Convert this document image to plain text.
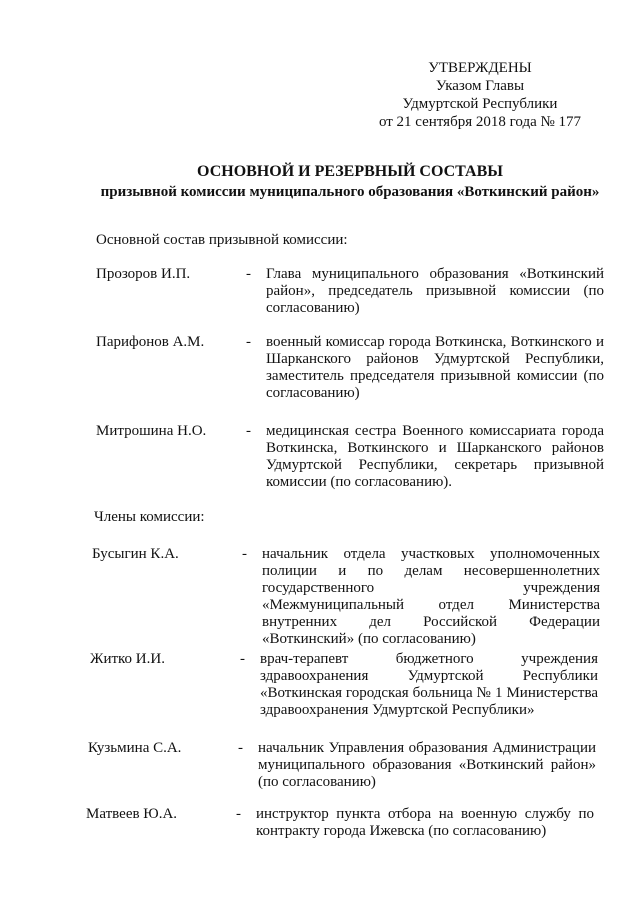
УТВЕРЖДЕНЫ
Указом Главы
Удмуртской Республики
от 21 сентября 2018 года № 177
ОСНОВНОЙ И РЕЗЕРВНЫЙ СОСТАВЫ
призывной комиссии муниципального образования «Воткинский район»
Основной состав призывной комиссии:
Прозоров И.П.	- Глава муниципального образования «Воткинский район», председатель призывной комиссии (по согласованию)
Парифонов А.М.	- военный комиссар города Воткинска, Воткинского и Шарканского районов Удмуртской Республики, заместитель председателя призывной комиссии (по согласованию)
Митрошина Н.О.	- медицинская сестра Военного комиссариата города Воткинска, Воткинского и Шарканского районов Удмуртской Республики, секретарь призывной комиссии (по согласованию).
Члены комиссии:
Бусыгин К.А.	- начальник отдела участковых уполномоченных полиции и по делам несовершеннолетних государственного учреждения «Межмуниципальный отдел Министерства внутренних дел Российской Федерации «Воткинский» (по согласованию)
Житко И.И.	- врач-терапевт бюджетного учреждения здравоохранения Удмуртской Республики «Воткинская городская больница № 1 Министерства здравоохранения Удмуртской Республики»
Кузьмина С.А.	- начальник Управления образования Администрации муниципального образования «Воткинский район» (по согласованию)
Матвеев Ю.А.	- инструктор пункта отбора на военную службу по контракту города Ижевска (по согласованию)
